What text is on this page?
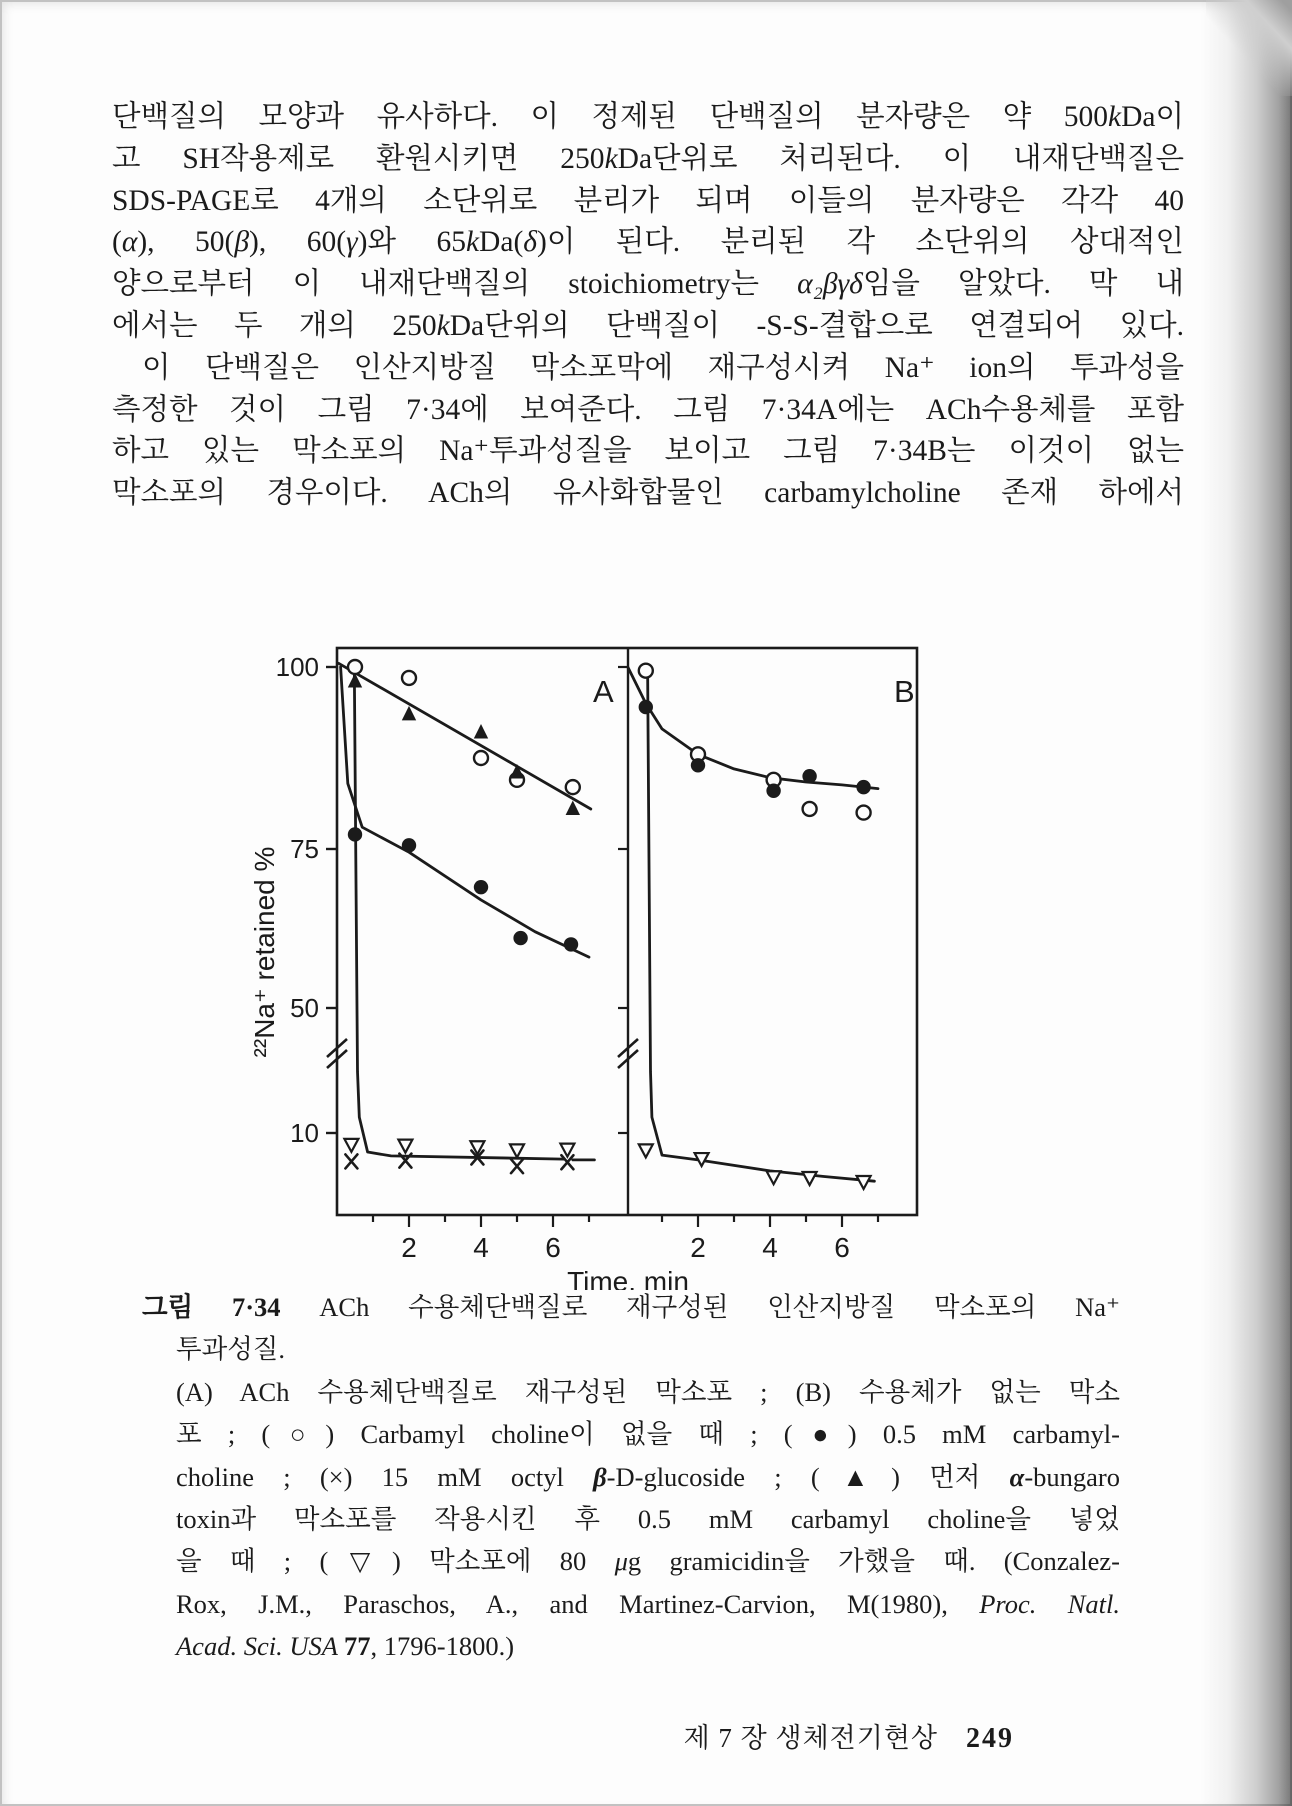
단백질의 모양과 유사하다. 이 정제된 단백질의 분자량은 약 500kDa이
고 SH작용제로 환원시키면 250kDa단위로 처리된다. 이 내재단백질은
SDS-PAGE로 4개의 소단위로 분리가 되며 이들의 분자량은 각각 40
(α), 50(β), 60(γ)와 65kDa(δ)이 된다. 분리된 각 소단위의 상대적인
양으로부터 이 내재단백질의 stoichiometry는 α₂βγδ임을 알았다. 막 내
에서는 두 개의 250kDa단위의 단백질이 -S-S-결합으로 연결되어 있다.
이 단백질은 인산지방질 막소포막에 재구성시켜 Na⁺ ion의 투과성을
측정한 것이 그림 7·34에 보여준다. 그림 7·34A에는 ACh수용체를 포함
하고 있는 막소포의 Na⁺투과성질을 보이고 그림 7·34B는 이것이 없는
막소포의 경우이다. ACh의 유사화합물인 carbamylcholine 존재 하에서
100
75
50
10
2 4 6	2 4 6
Time, min
²²Na⁺ retained %
A	B
그림 7·34 ACh 수용체단백질로 재구성된 인산지방질 막소포의 Na⁺
투과성질.
(A) ACh 수용체단백질로 재구성된 막소포 ; (B) 수용체가 없는 막소
포 ; (○) Carbamyl choline이 없을 때 ; (●) 0.5 mM carbamyl-
choline ; (×) 15 mM octyl β-D-glucoside ; (▲) 먼저 α-bungaro
toxin과 막소포를 작용시킨 후 0.5 mM carbamyl choline을 넣었
을 때 ; (▽) 막소포에 80 μg gramicidin을 가했을 때. (Conzalez-
Rox, J.M., Paraschos, A., and Martinez-Carvion, M(1980), Proc. Natl.
Acad. Sci. USA 77, 1796-1800.)
제 7 장 생체전기현상 249
